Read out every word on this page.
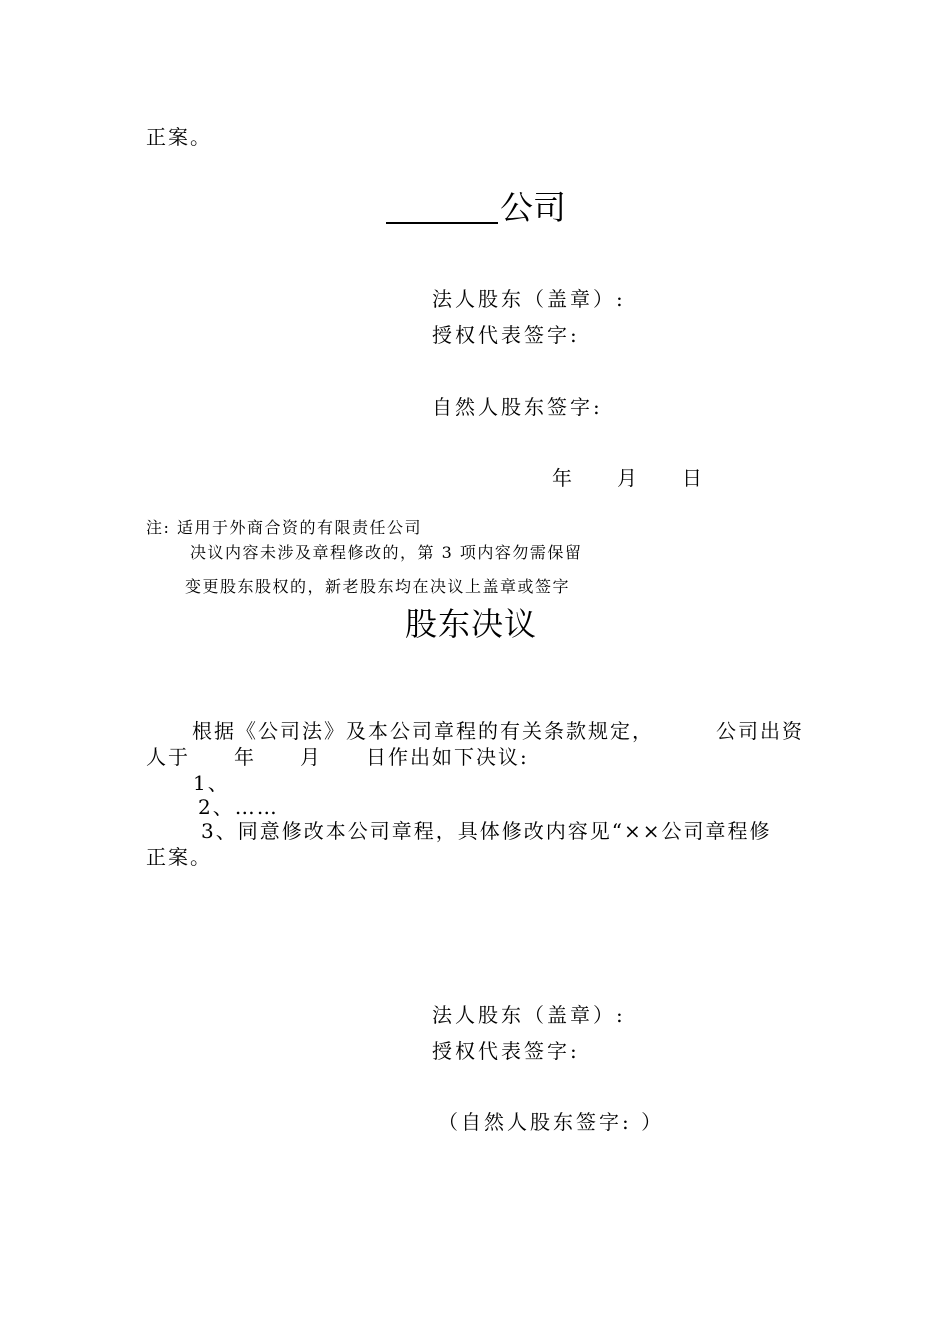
正案。
公司
法人股东（盖章）:
授权代表签字:
自然人股东签字:
年 月 日
注: 适用于外商合资的有限责任公司
决议内容未涉及章程修改的，第 3 项内容勿需保留
变更股东股权的，新老股东均在决议上盖章或签字
股东决议
根据《公司法》及本公司章程的有关条款规定，	公司出资
人于　　年　　月　　日作出如下决议:
1、
2、……
3、同意修改本公司章程，具体修改内容见“××公司章程修
正案。
法人股东（盖章）:
授权代表签字:
（自然人股东签字: ）
